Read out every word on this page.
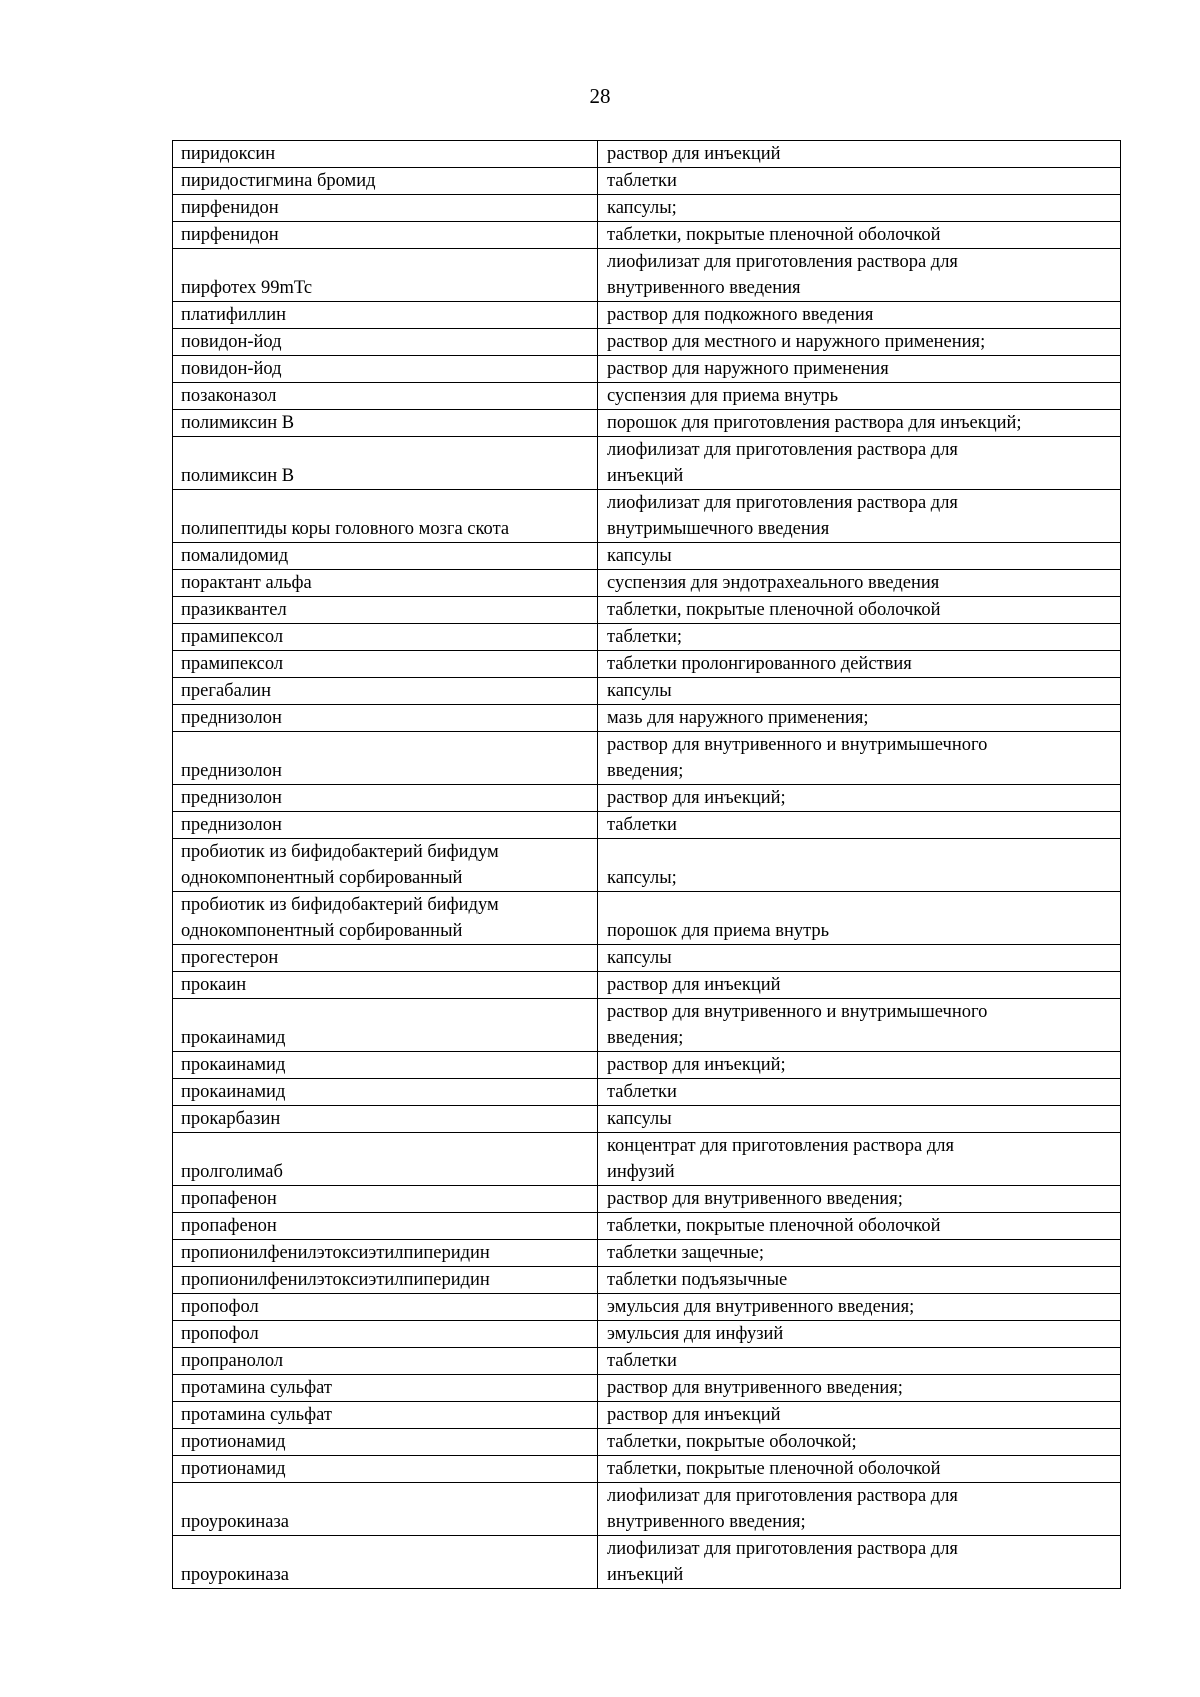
28
пиридоксин	раствор для инъекций
пиридостигмина бромид	таблетки
пирфенидон	капсулы;
пирфенидон	таблетки, покрытые пленочной оболочкой
пирфотех 99mTc	лиофилизат для приготовления раствора для
внутривенного введения
платифиллин	раствор для подкожного введения
повидон-йод	раствор для местного и наружного применения;
повидон-йод	раствор для наружного применения
позаконазол	суспензия для приема внутрь
полимиксин B	порошок для приготовления раствора для инъекций;
полимиксин B	лиофилизат для приготовления раствора для
инъекций
полипептиды коры головного мозга скота	лиофилизат для приготовления раствора для
внутримышечного введения
помалидомид	капсулы
порактант альфа	суспензия для эндотрахеального введения
празиквантел	таблетки, покрытые пленочной оболочкой
прамипексол	таблетки;
прамипексол	таблетки пролонгированного действия
прегабалин	капсулы
преднизолон	мазь для наружного применения;
преднизолон	раствор для внутривенного и внутримышечного
введения;
преднизолон	раствор для инъекций;
преднизолон	таблетки
пробиотик из бифидобактерий бифидум
однокомпонентный сорбированный	капсулы;
пробиотик из бифидобактерий бифидум
однокомпонентный сорбированный	порошок для приема внутрь
прогестерон	капсулы
прокаин	раствор для инъекций
прокаинамид	раствор для внутривенного и внутримышечного
введения;
прокаинамид	раствор для инъекций;
прокаинамид	таблетки
прокарбазин	капсулы
пролголимаб	концентрат для приготовления раствора для
инфузий
пропафенон	раствор для внутривенного введения;
пропафенон	таблетки, покрытые пленочной оболочкой
пропионилфенилэтоксиэтилпиперидин	таблетки защечные;
пропионилфенилэтоксиэтилпиперидин	таблетки подъязычные
пропофол	эмульсия для внутривенного введения;
пропофол	эмульсия для инфузий
пропранолол	таблетки
протамина сульфат	раствор для внутривенного введения;
протамина сульфат	раствор для инъекций
протионамид	таблетки, покрытые оболочкой;
протионамид	таблетки, покрытые пленочной оболочкой
проурокиназа	лиофилизат для приготовления раствора для
внутривенного введения;
проурокиназа	лиофилизат для приготовления раствора для
инъекций
